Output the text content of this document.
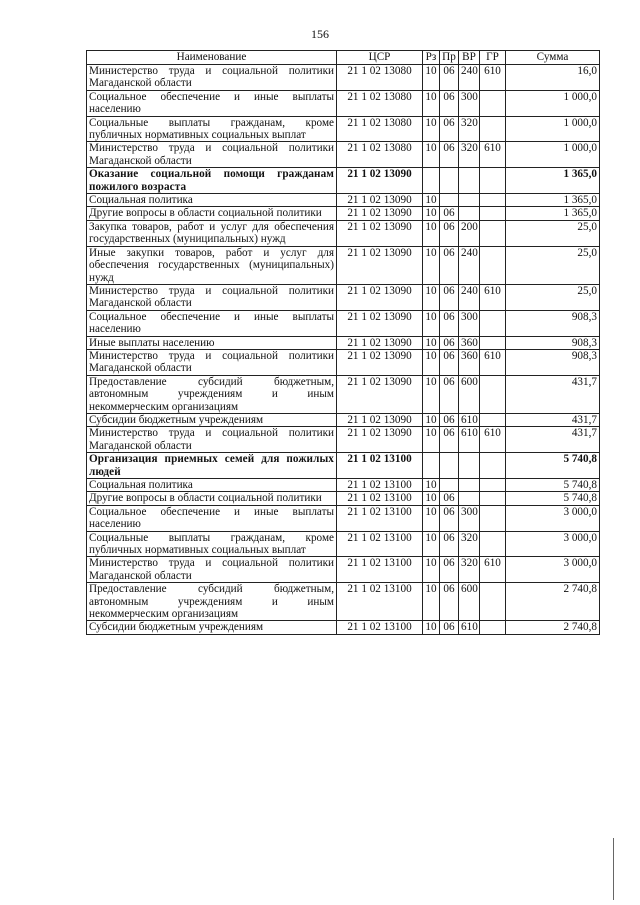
156
Наименование	ЦСР	Рз	Пр	ВР	ГР	Сумма
Министерство труда и социальной политики Магаданской области	21 1 02 13080	10	06	240	610	16,0
Социальное обеспечение и иные выплаты населению	21 1 02 13080	10	06	300		1 000,0
Социальные выплаты гражданам, кроме публичных нормативных социальных выплат	21 1 02 13080	10	06	320		1 000,0
Министерство труда и социальной политики Магаданской области	21 1 02 13080	10	06	320	610	1 000,0
Оказание социальной помощи гражданам пожилого возраста	21 1 02 13090					1 365,0
Социальная политика	21 1 02 13090	10				1 365,0
Другие вопросы в области социальной политики	21 1 02 13090	10	06			1 365,0
Закупка товаров, работ и услуг для обеспечения государственных (муниципальных) нужд	21 1 02 13090	10	06	200		25,0
Иные закупки товаров, работ и услуг для обеспечения государственных (муниципальных) нужд	21 1 02 13090	10	06	240		25,0
Министерство труда и социальной политики Магаданской области	21 1 02 13090	10	06	240	610	25,0
Социальное обеспечение и иные выплаты населению	21 1 02 13090	10	06	300		908,3
Иные выплаты населению	21 1 02 13090	10	06	360		908,3
Министерство труда и социальной политики Магаданской области	21 1 02 13090	10	06	360	610	908,3
Предоставление субсидий бюджетным, автономным учреждениям и иным некоммерческим организациям	21 1 02 13090	10	06	600		431,7
Субсидии бюджетным учреждениям	21 1 02 13090	10	06	610		431,7
Министерство труда и социальной политики Магаданской области	21 1 02 13090	10	06	610	610	431,7
Организация приемных семей для пожилых людей	21 1 02 13100					5 740,8
Социальная политика	21 1 02 13100	10				5 740,8
Другие вопросы в области социальной политики	21 1 02 13100	10	06			5 740,8
Социальное обеспечение и иные выплаты населению	21 1 02 13100	10	06	300		3 000,0
Социальные выплаты гражданам, кроме публичных нормативных социальных выплат	21 1 02 13100	10	06	320		3 000,0
Министерство труда и социальной политики Магаданской области	21 1 02 13100	10	06	320	610	3 000,0
Предоставление субсидий бюджетным, автономным учреждениям и иным некоммерческим организациям	21 1 02 13100	10	06	600		2 740,8
Субсидии бюджетным учреждениям	21 1 02 13100	10	06	610		2 740,8
